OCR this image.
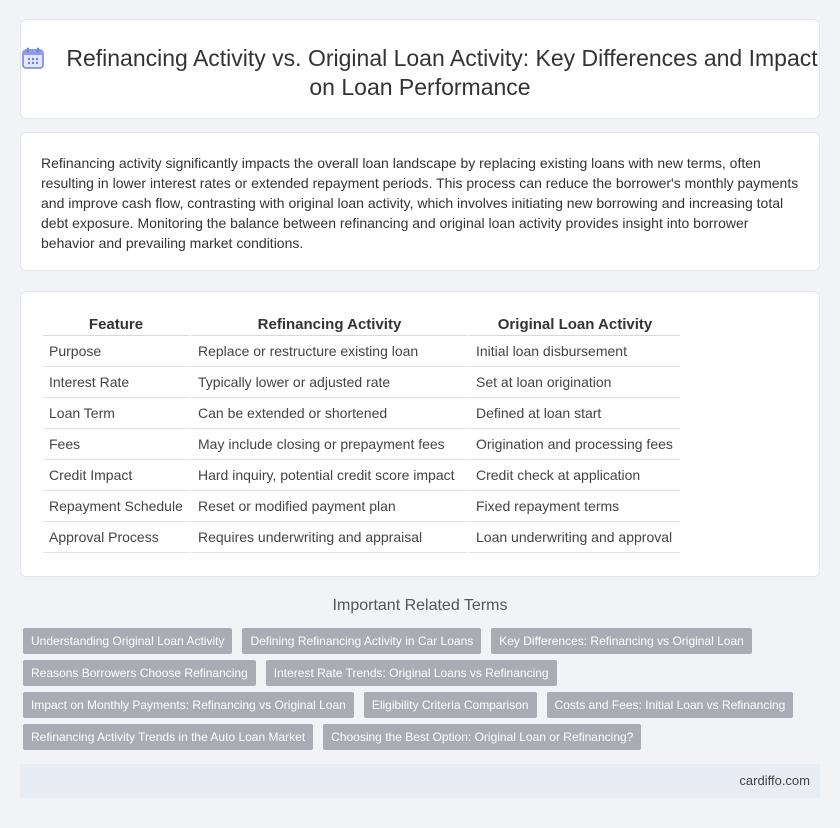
Refinancing Activity vs. Original Loan Activity: Key Differences and Impact on Loan Performance

Refinancing activity significantly impacts the overall loan landscape by replacing existing loans with new terms, often resulting in lower interest rates or extended repayment periods. This process can reduce the borrower's monthly payments and improve cash flow, contrasting with original loan activity, which involves initiating new borrowing and increasing total debt exposure. Monitoring the balance between refinancing and original loan activity provides insight into borrower behavior and prevailing market conditions.

Feature	Refinancing Activity	Original Loan Activity
Purpose	Replace or restructure existing loan	Initial loan disbursement
Interest Rate	Typically lower or adjusted rate	Set at loan origination
Loan Term	Can be extended or shortened	Defined at loan start
Fees	May include closing or prepayment fees	Origination and processing fees
Credit Impact	Hard inquiry, potential credit score impact	Credit check at application
Repayment Schedule	Reset or modified payment plan	Fixed repayment terms
Approval Process	Requires underwriting and appraisal	Loan underwriting and approval
Important Related Terms
Understanding Original Loan Activity Defining Refinancing Activity in Car Loans Key Differences: Refinancing vs Original Loan
Reasons Borrowers Choose Refinancing Interest Rate Trends: Original Loans vs Refinancing
Impact on Monthly Payments: Refinancing vs Original Loan Eligibility Criteria Comparison Costs and Fees: Initial Loan vs Refinancing
Refinancing Activity Trends in the Auto Loan Market Choosing the Best Option: Original Loan or Refinancing?
cardiffo.com
